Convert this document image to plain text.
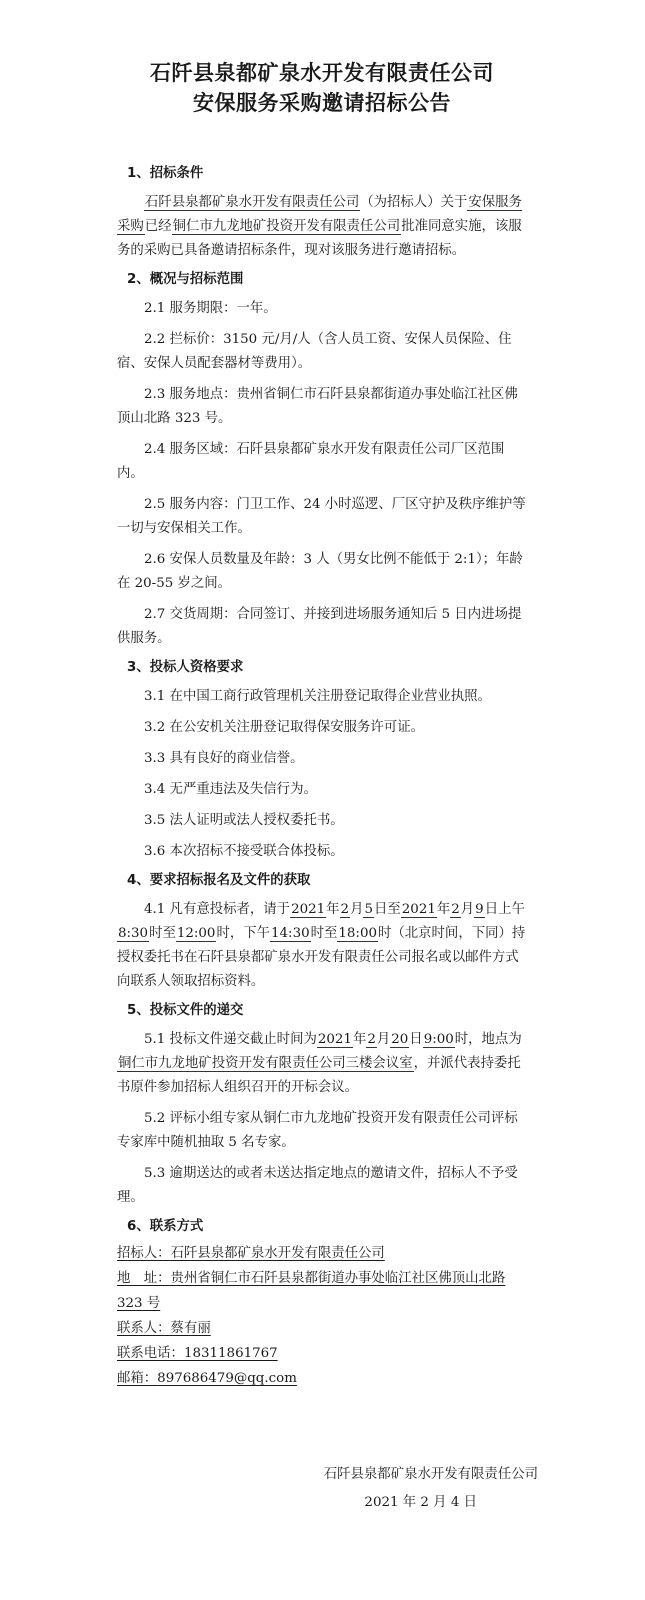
石阡县泉都矿泉水开发有限责任公司
安保服务采购邀请招标公告
1、招标条件

石阡县泉都矿泉水开发有限责任公司（为招标人）关于安保服务采购已经铜仁市九龙地矿投资开发有限责任公司批准同意实施，该服务的采购已具备邀请招标条件，现对该服务进行邀请招标。

2、概况与招标范围

2.1 服务期限：一年。

2.2 拦标价：3150 元/月/人（含人员工资、安保人员保险、住宿、安保人员配套器材等费用）。

2.3 服务地点：贵州省铜仁市石阡县泉都街道办事处临江社区佛顶山北路 323 号。

2.4 服务区域：石阡县泉都矿泉水开发有限责任公司厂区范围内。

2.5 服务内容：门卫工作、24 小时巡逻、厂区守护及秩序维护等一切与安保相关工作。

2.6 安保人员数量及年龄：3 人（男女比例不能低于 2:1）；年龄在 20-55 岁之间。

2.7 交货周期：合同签订、并接到进场服务通知后 5 日内进场提供服务。

3、投标人资格要求

3.1 在中国工商行政管理机关注册登记取得企业营业执照。

3.2 在公安机关注册登记取得保安服务许可证。

3.3 具有良好的商业信誉。

3.4 无严重违法及失信行为。

3.5 法人证明或法人授权委托书。

3.6 本次招标不接受联合体投标。

4、要求招标报名及文件的获取

4.1 凡有意投标者，请于2021年2月5日至2021年2月9日上午8:30时至12:00时，下午14:30时至18:00时（北京时间，下同）持授权委托书在石阡县泉都矿泉水开发有限责任公司报名或以邮件方式向联系人领取招标资料。

5、投标文件的递交

5.1 投标文件递交截止时间为2021年2月20日9:00时，地点为铜仁市九龙地矿投资开发有限责任公司三楼会议室，并派代表持委托书原件参加招标人组织召开的开标会议。

5.2 评标小组专家从铜仁市九龙地矿投资开发有限责任公司评标专家库中随机抽取 5 名专家。

5.3 逾期送达的或者未送达指定地点的邀请文件，招标人不予受理。

6、联系方式
招标人：石阡县泉都矿泉水开发有限责任公司
地　址：贵州省铜仁市石阡县泉都街道办事处临江社区佛顶山北路 323 号
联系人：蔡有丽
联系电话：18311861767
邮箱：897686479@qq.com
石阡县泉都矿泉水开发有限责任公司
2021 年 2 月 4 日
